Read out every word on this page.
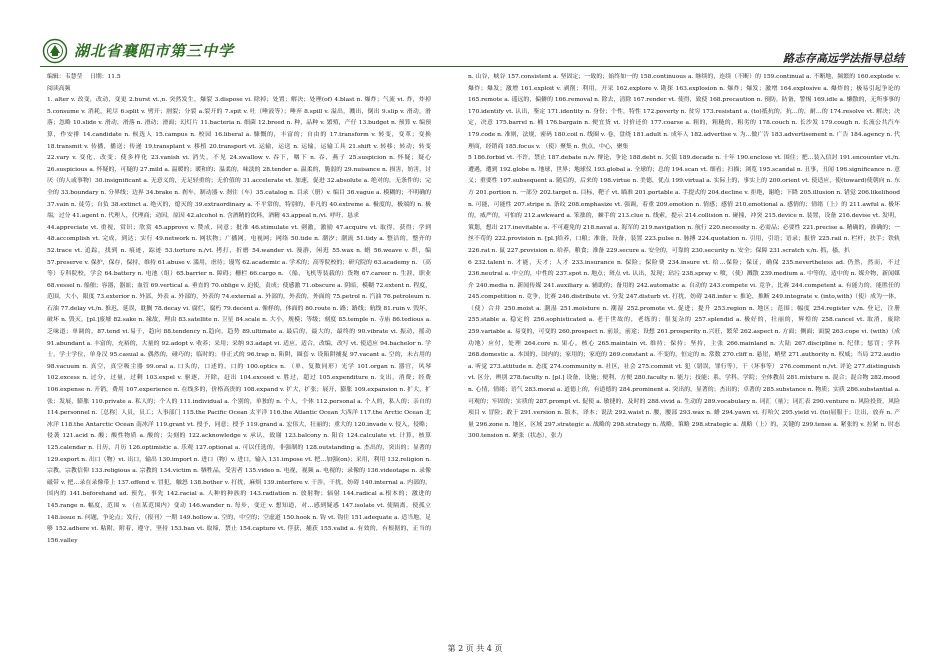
湖北省襄阳市第三中学	路志存高远学法指导总结

编辑：韦慧莹 日期：11.5

阅读高频

1. alter v. 改变，改动，变更 2.burst vi.,n. 突然发生，爆裂 3.dispose vi. 除掉；处置；解决；处理(of) 4.blast n. 爆炸；气流 vi. 炸，炸掉 5.consume v. 消耗，耗尽 6.split v. 劈开；割裂；分裂 a.裂开的 7.spit v. 吐（唾液等）；唾弃 8.spill v. 溢出，溅出，倒出 9.slip v. 滑动，滑落；忽略 10.slide v. 滑动，滑落 n. 滑动；滑面；幻灯片 11.bacteria n. 细菌 12.breed n. 种，品种 v. 繁殖，产仔 13.budget n. 预算 v. 编预算，作安排 14.candidate n. 候选人 15.campus n. 校园 16.liberal a. 慷慨的，丰富的；自由的 17.transform v. 转变，变革；变换 18.transmit v. 传播，播送；传递 19.transplant v. 移植 20.transport vt. 运输，运送 n. 运输，运输工具 21.shift v. 转移；转动；转变 22.vary v. 变化，改变；使多样化 23.vanish vi. 消失，不见 24.swallow v. 吞下，咽下 n. 吞，燕子 25.suspicion n. 怀疑；疑心 26.suspicious a. 怀疑的，可疑的 27.mild a. 温暖的；暖和的；温柔的，味淡的 28.tender a. 温柔的，脆弱的 29.nuisance n. 损害，妨害，讨厌（的人或事物）30.insignificant a. 无意义的，无足轻重的；无价值的 31.accelerate vt. 加速，促进 32.absolute a. 绝对的，无条件的；完全的 33.boundary n. 分界线；边界 34.brake n. 刹车，制动器 v. 刹住（车）35.catalog n. 目录（册）v. 编目 36.vague a. 模糊的；不明确的 37.vain n. 徒劳；自负 38.extinct a. 绝灭的，熄灭的 39.extraordinary a. 不平常的，特别的，非凡的 40.extreme a. 极度的，极端的 n. 极端，过分 41.agent n. 代理人，代理商；动因，原因 42.alcohol n. 含酒精的饮料，酒精 43.appeal n./vi. 呼吁，恳求

44.appreciate vt. 重视，赏识；欣赏 45.approve v. 赞成，同意；批准 46.stimulate vt. 刺激，激励 47.acquire vt. 取得，获得；学到 48.accomplish vt. 完成，到达；实行 49.network n. 网状物；广播网，电视网；网络 50.tide n. 潮汐；潮流 51.tidy a. 整洁的，整齐的 52.trace vt. 追踪，找到 n. 痕迹，踪迹 53.torture n./vt. 拷打，折磨 54.wander vi. 漫游，闲逛 55.wax n. 蜡 56.weave v. 织，编 57.preserve v. 保护，保存，保持，维持 61.abuse v. 滥用，虐待；谩骂 62.academic a. 学术的；高等院校的；研究院的 63.academy n. （高等）专科院校，学会 64.battery n. 电池（组）65.barrier n. 障碍；栅栏 66.cargo n. （船、飞机等装载的）货物 67.career n. 生涯，职业 68.vessel n. 船舶；容器，器皿；血管 69.vertical a. 垂直的 70.oblige v. 迫使，责成；使感激 71.obscure a. 阴暗，模糊 72.extent n. 程度，范围，大小，限度 73.exterior n. 外部，外表 a. 外部的，外表的 74.external a. 外部的，外表的，外面的 75.petrol n. 汽油 76.petroleum n. 石油 77.delay vt./n. 推迟，延误，耽搁 78.decay vi. 腐烂，腐朽 79.decent a. 像样的，体面的 80.route n. 路；路线；航线 81.ruin v. 毁坏，破坏 n. 毁灭，[pl.]废墟 82.sake n. 缘故，理由 83.satellite n. 卫星 84.scale n. 大小，规模；等级；刻度 85.temple n. 寺庙 86.tedious a. 乏味道；单调的，87.tend vi.易于，趋向 88.tendency n.趋向，趋势 89.ultimate a. 最后的，最大的，最终的 90.vibrate vi. 振动，摇动 91.abundant a. 丰富的，充裕的，大量的 92.adopt v. 收养；采用；采纳 93.adapt vi. 适应，适合，改编，改写 vt. 使适应 94.bachelor n. 学士，学士学位，单身汉 95.casual a. 偶然的，碰巧的；临时的；非正式的 96.trap n. 陷阱，圈套 v. 设陷阱捕捉 97.vacant a. 空的，未占用的 98.vacuum n. 真空，真空吸尘器 99.oral a. 口头的，口述的，口的 100.optics n. （单、复数同形）光学 101.organ n. 器官，风琴 102.excess n. 过分，过量，过剩 103.expel v. 驱逐，开除，赶出 104.exceed v. 胜过，超过 105.expenditure n. 支出，消费；经费 106.expense n. 开销，费用 107.experience n. 在线多的，价格高贵的 108.expand v. 扩大，扩张；展开，膨胀 109.expansion n. 扩大，扩张；发展，膨胀 110.private a. 私人的；个人的 111.individual a. 个别的，单独的 n. 个人，个体 112.personal a. 个人的，私人的；亲自的 114.personnel n.［总称］人员，员工；人事部门 115.the Pacific Ocean 太平洋 116.the Atlantic Ocean 大西洋 117.the Arctic Ocean 北冰洋 118.the Antarctic Ocean 南冰洋 119.grant vt. 授予，同意；授予 119.grand a. 宏伟大，壮丽的；重大的 120.invade v. 侵入，侵略；侵袭 121.acid n. 酸；酸性物质 a. 酸的；尖刻的 122.acknowledge v. 承认，致谢 123.balcony n. 阳台 124.calculate vt. 计算，核算 125.calendar n. 日历，月历 126.optimistic a. 乐观 127.optional a. 可以任选的，非强制的 128.outstanding a. 杰出的，突出的；显著的 129.export n. 出口（物）vi. 出口，输出 130.import n. 进口（物）v. 进口，输入 131.impose vt. 把…加强(on)；采用，利用 132.religion n. 宗教，宗教信仰 133.religious a. 宗教的 134.victim n. 牺牲品，受害者 135.video n. 电视，视频 a. 电视的；录像的 136.videotape n. 录像磁带 v. 把…录在录像带上 137.offend v. 冒犯，触怒 138.bother v. 打扰，麻烦 139.interfere v. 干涉，干扰，妨碍 140.internal a. 内部的，国内的 141.beforehand ad. 预先，事先 142.racial a. 人种的种族的 143.radiation n. 放射物；辐射 144.radical a.根本的；激进的 145.range n. 幅度，范围 v. （在某范围内）变动 146.wander n. 每步，变迁 v. 想知道，对…感到疑惑 147.isolate vt. 使隔离，使孤立 148.issue n. 问题，争论点；发行，（报刊）一期 149.hollow a. 空的，中空的；空虚道 150.hook n. 钩 vt. 钩住 151.adequate a. 适当地，足够 152.adhere vi. 粘附，附着，遵守，坚持 153.ban vt. 取缔，禁止 154.capture vt. 俘获，捕获 155.valid a. 有效的，有根据的，正当的 156.valley

n. 山谷，峡谷 157.consistent a. 坚固定；一致的；始终如一的 158.continuous a. 继续的，连续（不断）的 159.continual a. 不断地，频繁的 160.explode v. 爆炸；爆发；激增 161.exploit v. 剥削；利用，开采 162.explore v. 勘探 163.explosion n. 爆炸；爆发；激增 164.explosive a. 爆炸的；极易引起争论的 165.remote a. 遥远的，偏僻的 166.removal n. 除去，清除 167.render vt. 使得，致使 168.precaution n. 预防，防备，警惕 169.idle a. 懒散的，无所事事的 170.identify vt. 认出，鉴定 171.identity n. 身份；个性，特性 172.poverty n. 贫穷 173.resistant a. (to)抵抗的，抗…的，耐…的 174.resolve vt. 解决；决定，决意 175.barrel n. 桶 176.bargain n. 便宜货 vi. 讨价还价 177.coarse a. 粗的，粗糙的，粗劣的 178.couch n. 长沙发 179.cough n. 长流公共汽车 179.code n. 准则，法规，密码 180.coil n. 线圈 v. 卷，盘绕 181.adult n. 成年人 182.advertise v. 为…做广告 183.advertisement n. 广告 184.agency n. 代理商，经销商 185.focus v. （使）聚集 n. 焦点，中心，聚集

5 186.forbid vt. 不许，禁止 187.debate n./v. 辩论，争论 188.debt n. 欠债 189.decade n. 十年 190.enclose vt. 围住；把…装入信封 191.encounter vt./n. 遭遇，遭到 192.globe n. 地球，世界；地球仪 193.global a. 全球的；总的 194.scan vt. 细看；扫描；浏览 195.scandal n. 丑事，丑闻 196.significance n. 意义；重要性 197.subsequent a. 随后的，后来的 198.virtue n. 美德，优点 199.virtual a. 实际上的，事实上的 200.orient vt. 使适应，使(toward)使朝向 n. 东方 201.portion n. 一部分 202.target n. 目标，靶子 vt. 瞄准 201.portable a. 手提式的 204.decline v. 拒绝，谢绝；下降 205.illusion n. 错觉 206.likelihood n. 可能，可能性 207.stripe n. 条纹 208.emphasize vt. 强调，着重 209.emotion n. 情感；感情 210.emotional a. 感情的；情绪（上）的 211.awful a. 极坏的，威严的，可怕的 212.awkward a. 笨拙的，棘手的 213.clue n. 线索，提示 214.collision n. 碰撞，冲突 215.device n. 装置，设备 216.devise vt. 发明，策划，想出 217.inevitable a. 不可避免的 218.naval a. 海军的 219.navigation n. 航行 220.necessity n. 必需品；必要性 221.precise a. 精确的，准确的；一丝不苟的 222.provision n. [pl.]给养，口粮；准备，设备，装置 223.pulse n. 脉搏 224.quotation n. 引用，引语；语录；报价 225.rail n. 栏杆，扶手；铁轨 226.rat n. 鼠 227.provision n. 给养，粮食；准备 229.secure a. 安全的，可靠的 230.security n. 安全；保障 231.scratch v./n. 抓，搔，扒

6 232.talent n. 才能，天才；人才 233.insurance n. 保险；保险费 234.insure vt. 给…保险；保证，确保 235.nevertheless ad. 仍然，然而，不过 236.neutral a. 中立的，中性的 237.spot n. 地点；斑点 vt. 认出，发现；玷污 238.spray v. 喷，（使）溅散 239.medium a. 中等的，适中的 n. 媒介物，新闻媒介 240.media n. 新闻传媒 241.auxiliary a. 辅助的；备用的 242.automatic a. 自动的 243.compete vi. 竞争，比赛 244.competent a. 有能力的，能胜任的 245.competition n. 竞争，比赛 246.distribute vt. 分发 247.disturb vt. 打扰，妨碍 248.infer v. 推论，推断 249.integrate v. (into,with)（使）成为一体，（使）合并 250.moist a. 潮湿 251.moisture n. 潮湿 252.promote vt. 促进；提升 253.region n. 地区；范围；幅度 254.register v./n. 登记，注册 255.stable a. 稳定的 256.sophisticated a. 老于世故的，老练的；很复杂的 257.splendid a. 极好的，壮丽的，辉煌的 258.cancel vt. 取消，废除 259.variable a. 易变的，可变的 260.prospect n. 前景，前途；设想 261.prosperity n.兴旺，繁荣 262.aspect n. 方面；侧面；面貌 263.cope vi. (with)（成功地）应付，处理 264.core n. 果心，核心 265.maintain vt. 维持；保持；坚持，主张 266.mainland n. 大陆 267.discipline n. 纪律；惩罚；学科 268.domestic a. 本国的，国内的；家用的；家庭的 269.constant a. 不变的，恒定的 n. 常数 270.cliff n. 悬崖，峭壁 271.authority n. 权威；当局 272.audio a. 听觉 273.attitude n. 态度 274.community n. 社区，社会 275.commit vt. 犯（错误，罪行等），干（坏事等） 276.comment n./vt. 评论 277.distinguish vt. 区分，辨别 278.faculty n. [pl.] 设备，设施；便利，方便 280.faculty n. 能力；技能；系，学科，学院；全体教员 281.mixture n. 混合；混合物 282.mood n. 心情，情绪；语气 283.moral a. 道德上的，有道德的 284.prominent a. 突出的，显著的；杰出的；卓著的 285.substance n. 物质；实质 286.substantial a. 可观的；牢固的；实质的 287.prompt vt. 促使 a. 敏捷的，及时的 288.vivid a. 生动的 289.vocabulary n. 词汇（量）；词汇表 290.venture n. 风险投资，风险项目 v. 冒险；敢于 291.version n. 版本，译本；说法 292.waist n. 腰，腰部 293.wax n. 蜡 294.yawn vi. 打哈欠 295.yield vi. (to)屈服于；让出，放弃 n. 产量 296.zone n. 地区，区域 297.strategic a. 战略的 298.strategy n. 战略，策略 298.strategic a. 战略（上）的，关键的 299.tense a. 紧张的 v. 拉紧 n. 时态 300.tension n. 紧张（状态），张力

第 2 页 共 4 页
